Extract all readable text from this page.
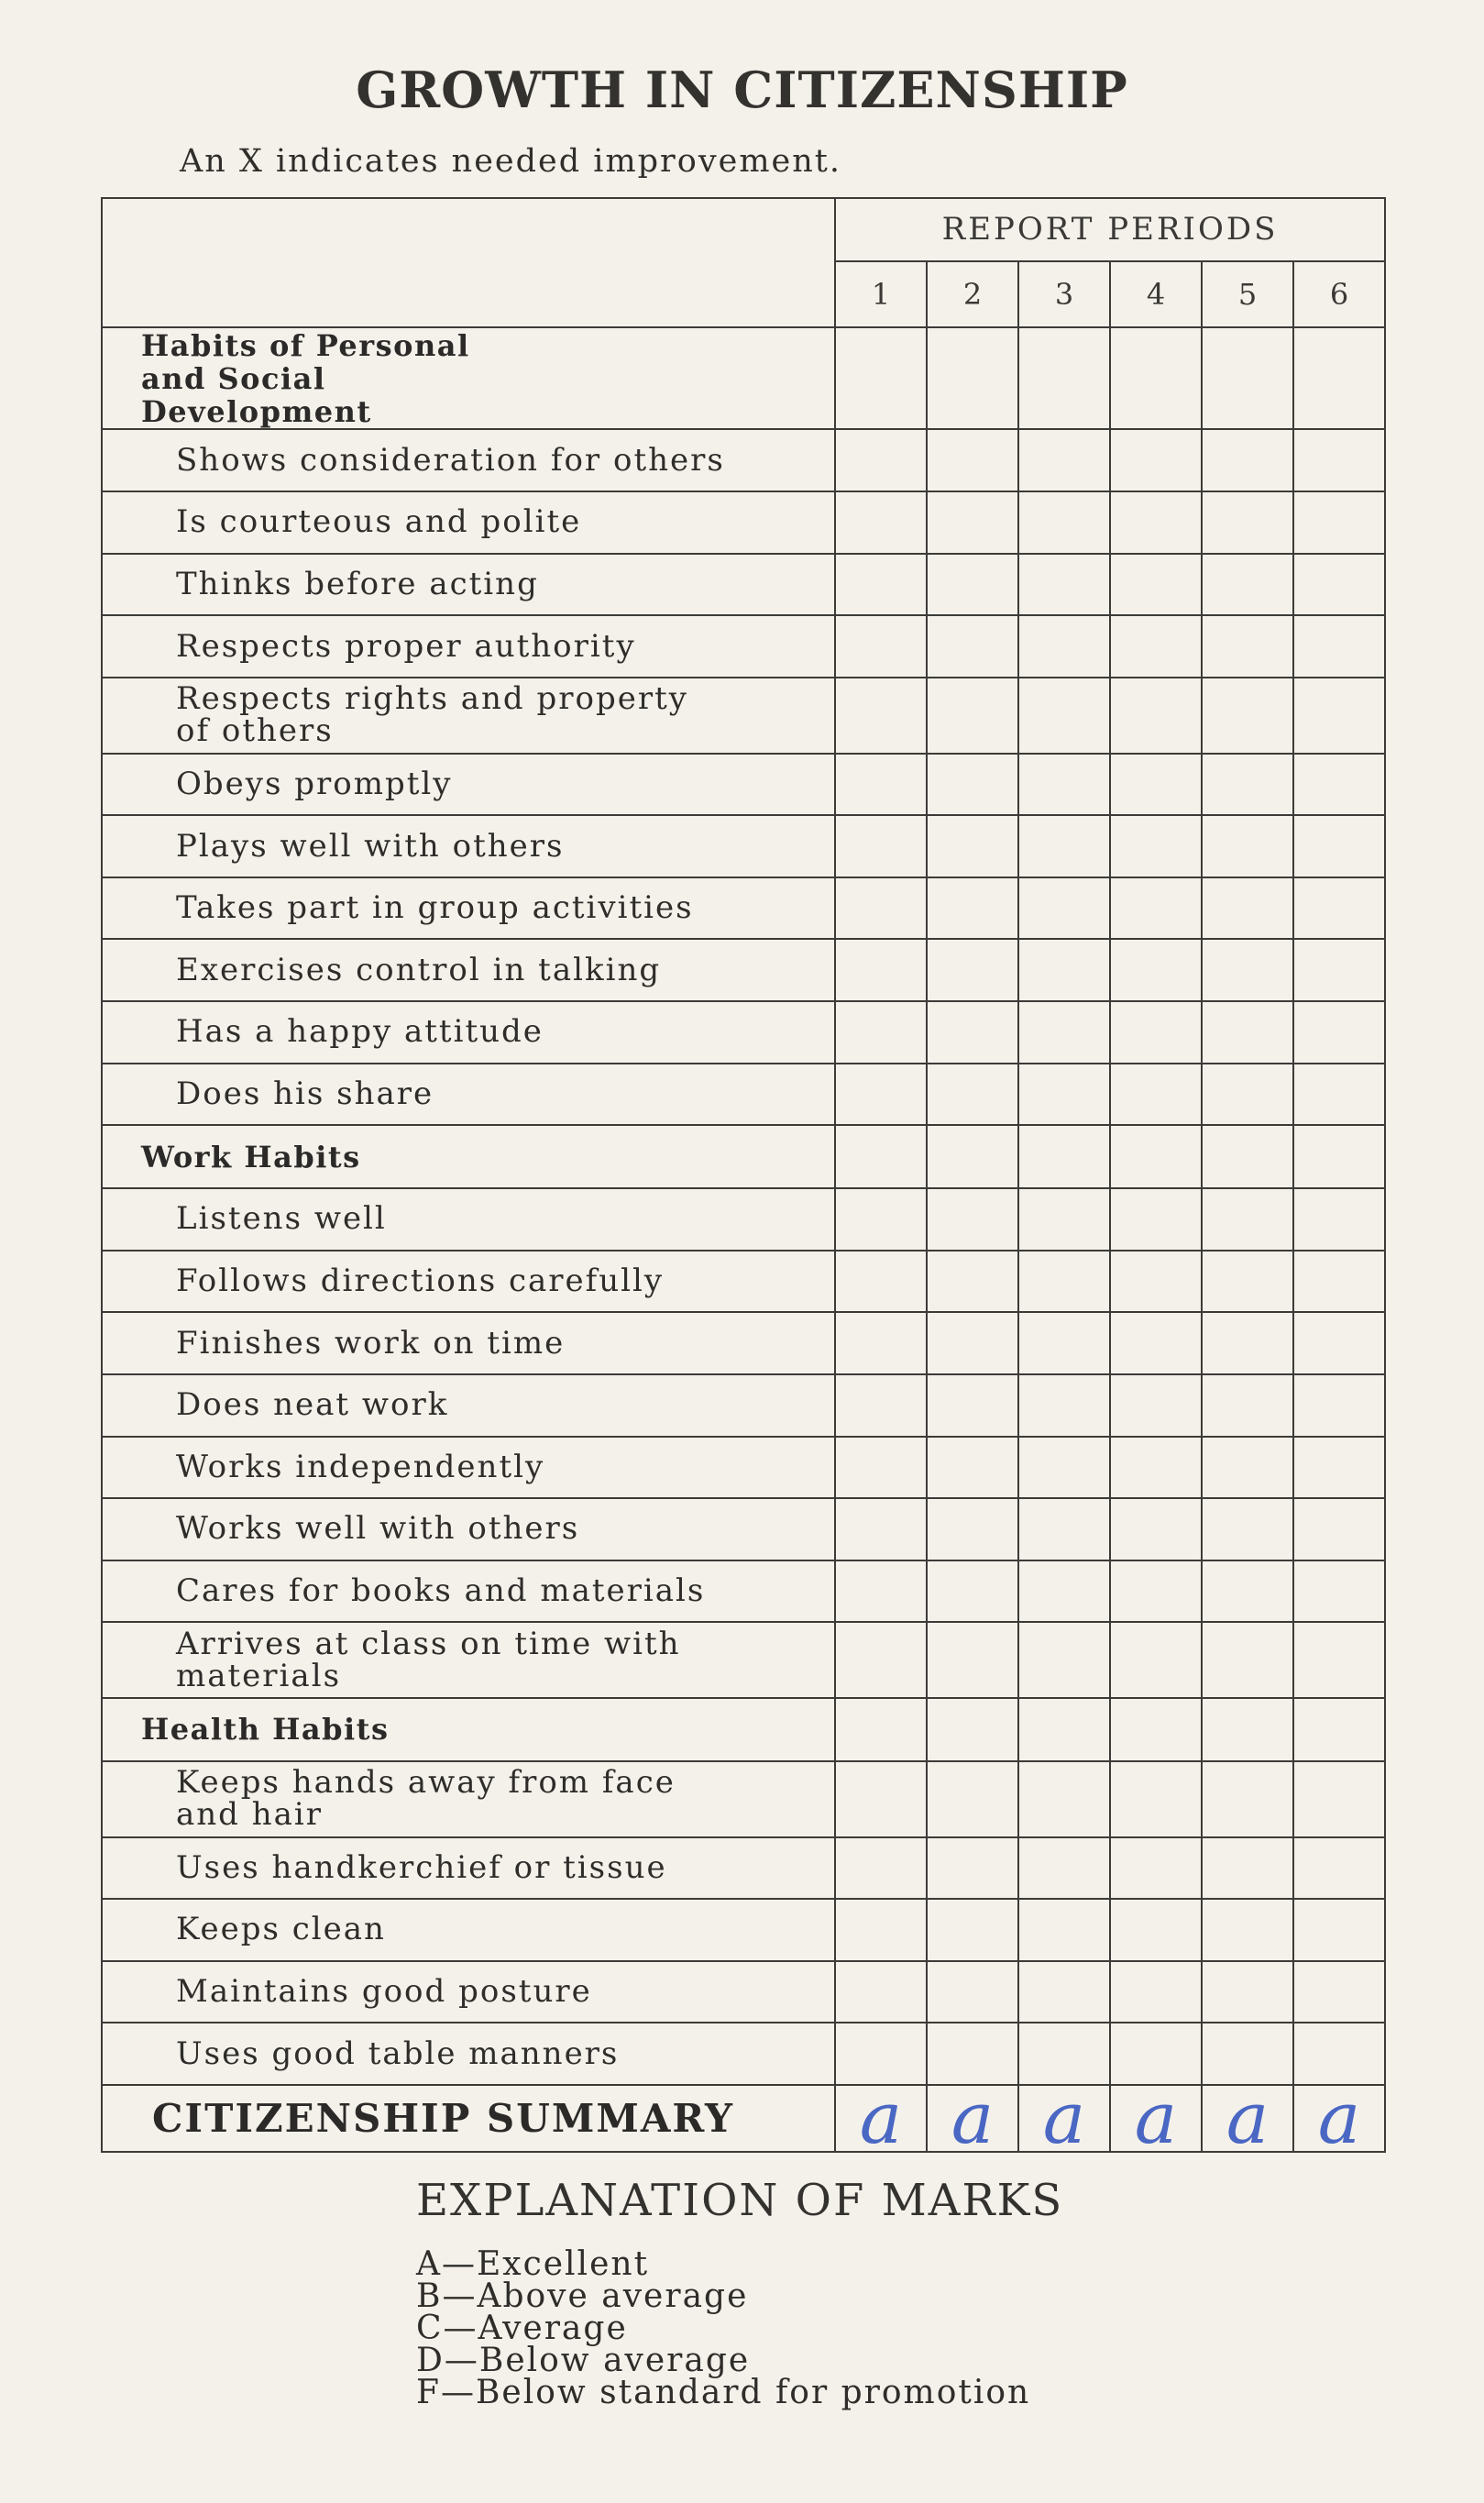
GROWTH IN CITIZENSHIP
An X indicates needed improvement.
	REPORT PERIODS					
	1	2	3	4	5	6
Habits of Personal and Social Development						
Shows consideration for others						
Is courteous and polite						
Thinks before acting						
Respects proper authority						
Respects rights and property of others						
Obeys promptly						
Plays well with others						
Takes part in group activities						
Exercises control in talking						
Has a happy attitude						
Does his share						
Work Habits						
Listens well						
Follows directions carefully						
Finishes work on time						
Does neat work						
Works independently						
Works well with others						
Cares for books and materials						
Arrives at class on time with materials						
Health Habits						
Keeps hands away from face and hair						
Uses handkerchief or tissue						
Keeps clean						
Maintains good posture						
Uses good table manners						
CITIZENSHIP SUMMARY	a	a	a	a	a	a
EXPLANATION OF MARKS
A—Excellent
B—Above average
C—Average
D—Below average
F—Below standard for promotion
